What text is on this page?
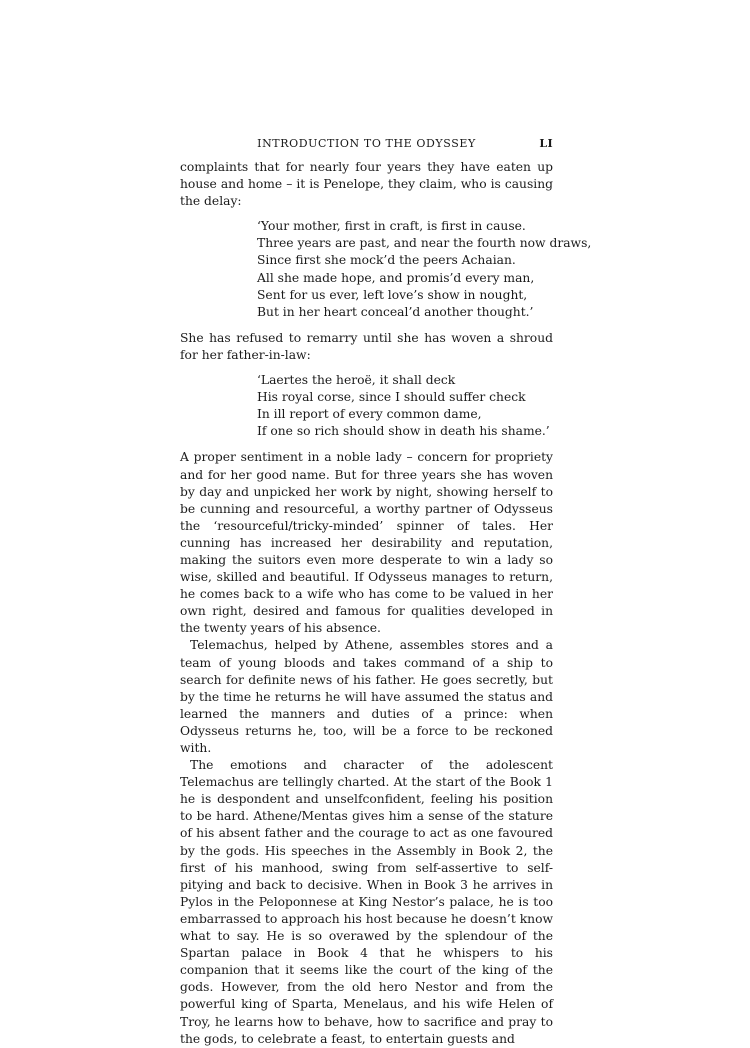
INTRODUCTION TO THE ODYSSEY	LI

complaints that for nearly four years they have eaten up house and home – it is Penelope, they claim, who is causing the delay:

‘Your mother, first in craft, is first in cause.
Three years are past, and near the fourth now draws,
Since first she mock’d the peers Achaian.
All she made hope, and promis’d every man,
Sent for us ever, left love’s show in nought,
But in her heart conceal’d another thought.’

She has refused to remarry until she has woven a shroud for her father-in-law:

‘Laertes the heroë, it shall deck
His royal corse, since I should suffer check
In ill report of every common dame,
If one so rich should show in death his shame.’

A proper sentiment in a noble lady – concern for propriety and for her good name. But for three years she has woven by day and unpicked her work by night, showing herself to be cunning and resourceful, a worthy partner of Odysseus the ‘resourceful/tricky-minded’ spinner of tales. Her cunning has increased her desirability and reputation, making the suitors even more desperate to win a lady so wise, skilled and beautiful. If Odysseus manages to return, he comes back to a wife who has come to be valued in her own right, desired and famous for qualities developed in the twenty years of his absence.

Telemachus, helped by Athene, assembles stores and a team of young bloods and takes command of a ship to search for definite news of his father. He goes secretly, but by the time he returns he will have assumed the status and learned the manners and duties of a prince: when Odysseus returns he, too, will be a force to be reckoned with.

The emotions and character of the adolescent Telemachus are tellingly charted. At the start of the Book 1 he is despondent and unselfconfident, feeling his position to be hard. Athene/Mentas gives him a sense of the stature of his absent father and the courage to act as one favoured by the gods. His speeches in the Assembly in Book 2, the first of his manhood, swing from self-assertive to self-pitying and back to decisive. When in Book 3 he arrives in Pylos in the Peloponnese at King Nestor’s palace, he is too embarrassed to approach his host because he doesn’t know what to say. He is so overawed by the splendour of the Spartan palace in Book 4 that he whispers to his companion that it seems like the court of the king of the gods. However, from the old hero Nestor and from the powerful king of Sparta, Menelaus, and his wife Helen of Troy, he learns how to behave, how to sacrifice and pray to the gods, to celebrate a feast, to entertain guests and
